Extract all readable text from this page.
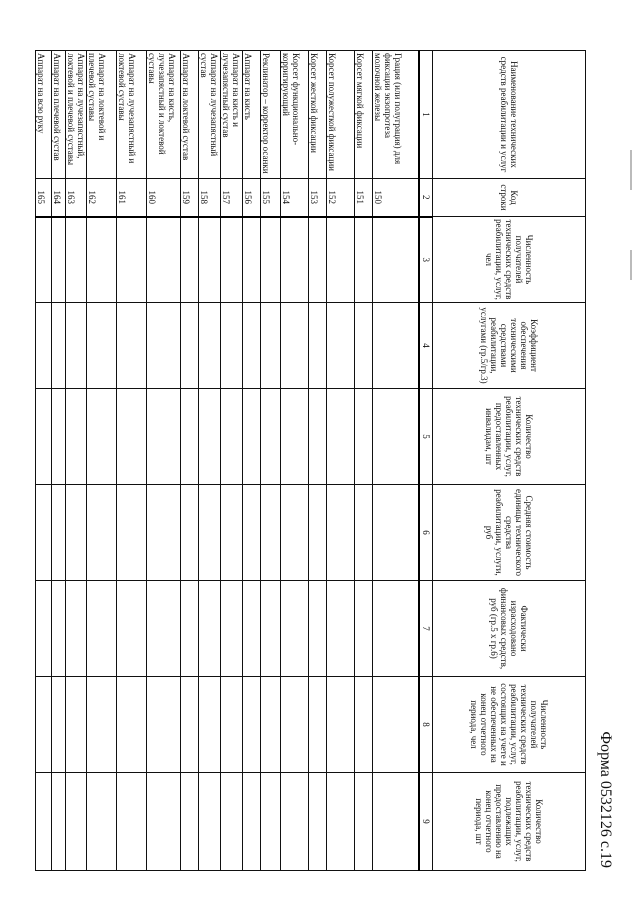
Форма 0532126 с.19
Наименование технических средств реабилитации и услуг	Код строки	Численность получателей технических средств реабилитации, услуг, чел	Коэффициент обеспечения техническими средствами реабилитации, услугами (гр.5/гр.3)	Количество технических средств реабилитации, услуг, предоставленных инвалидам, шт	Средняя стоимость единицы технического средства реабилитации, услуги, руб	Фактически израсходовано финансовых средств, руб (гр.5 х гр.6)	Численность получателей технических средств реабилитации, услуг, состоящих на учете и не обеспеченных на конец отчетного периода, чел	Количество технических средств реабилитации, услуг, подлежащих предоставлению на конец отчетного периода, шт
1	2	3	4	5	6	7	8	9
Грация (или полуграция) для фиксации экзопротеза молочной железы	150							
Корсет мягкой фиксации	151							
Корсет полужесткой фиксации	152							
Корсет жесткой фиксации	153							
Корсет функционально-корригирующий	154							
Реклинатор – корректор осанки	155							
Аппарат на кисть	156							
Аппарат на кисть и лучезапястный сустав	157							
Аппарат на лучезапястный сустав	158							
Аппарат на локтевой сустав	159							
Аппарат на кисть, лучезапястный и локтевой суставы	160							
Аппарат на лучезапястный и локтевой суставы	161							
Аппарат на локтевой и плечевой суставы	162							
Аппарат на лучезапястный, локтевой и плечевой суставы	163							
Аппарат на плечевой сустав	164							
Аппарат на всю руку	165							
